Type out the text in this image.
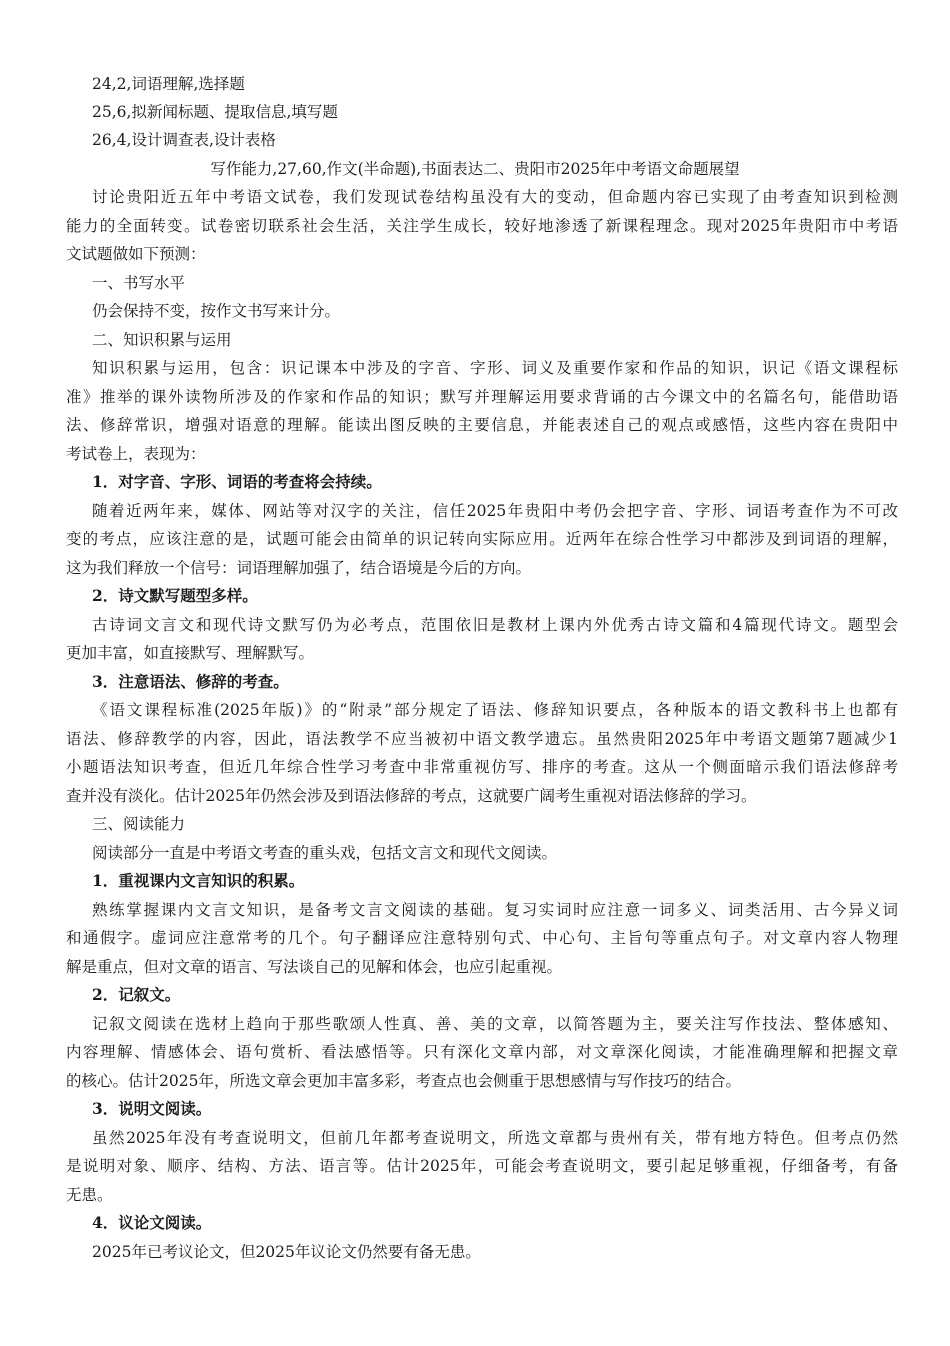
24,2,词语理解,选择题
25,6,拟新闻标题、提取信息,填写题
26,4,设计调查表,设计表格
写作能力,27,60,作文(半命题),书面表达二、贵阳市2025年中考语文命题展望
讨论贵阳近五年中考语文试卷，我们发现试卷结构虽没有大的变动，但命题内容已实现了由考查知识到检测
能力的全面转变。试卷密切联系社会生活，关注学生成长，较好地渗透了新课程理念。现对2025年贵阳市中考语
文试题做如下预测：
一、书写水平
仍会保持不变，按作文书写来计分。
二、知识积累与运用
知识积累与运用，包含：识记课本中涉及的字音、字形、词义及重要作家和作品的知识，识记《语文课程标
准》推举的课外读物所涉及的作家和作品的知识；默写并理解运用要求背诵的古今课文中的名篇名句，能借助语
法、修辞常识，增强对语意的理解。能读出图反映的主要信息，并能表述自己的观点或感悟，这些内容在贵阳中
考试卷上，表现为：
1．对字音、字形、词语的考查将会持续。
随着近两年来，媒体、网站等对汉字的关注，信任2025年贵阳中考仍会把字音、字形、词语考查作为不可改
变的考点，应该注意的是，试题可能会由简单的识记转向实际应用。近两年在综合性学习中都涉及到词语的理解，
这为我们释放一个信号：词语理解加强了，结合语境是今后的方向。
2．诗文默写题型多样。
古诗词文言文和现代诗文默写仍为必考点，范围依旧是教材上课内外优秀古诗文篇和4篇现代诗文。题型会
更加丰富，如直接默写、理解默写。
3．注意语法、修辞的考查。
《语文课程标准(2025年版)》的“附录”部分规定了语法、修辞知识要点，各种版本的语文教科书上也都有
语法、修辞教学的内容，因此，语法教学不应当被初中语文教学遗忘。虽然贵阳2025年中考语文题第7题减少1
小题语法知识考查，但近几年综合性学习考查中非常重视仿写、排序的考查。这从一个侧面暗示我们语法修辞考
查并没有淡化。估计2025年仍然会涉及到语法修辞的考点，这就要广阔考生重视对语法修辞的学习。
三、阅读能力
阅读部分一直是中考语文考查的重头戏，包括文言文和现代文阅读。
1．重视课内文言知识的积累。
熟练掌握课内文言文知识，是备考文言文阅读的基础。复习实词时应注意一词多义、词类活用、古今异义词
和通假字。虚词应注意常考的几个。句子翻译应注意特别句式、中心句、主旨句等重点句子。对文章内容人物理
解是重点，但对文章的语言、写法谈自己的见解和体会，也应引起重视。
2．记叙文。
记叙文阅读在选材上趋向于那些歌颂人性真、善、美的文章，以简答题为主，要关注写作技法、整体感知、
内容理解、情感体会、语句赏析、看法感悟等。只有深化文章内部，对文章深化阅读，才能准确理解和把握文章
的核心。估计2025年，所选文章会更加丰富多彩，考查点也会侧重于思想感情与写作技巧的结合。
3．说明文阅读。
虽然2025年没有考查说明文，但前几年都考查说明文，所选文章都与贵州有关，带有地方特色。但考点仍然
是说明对象、顺序、结构、方法、语言等。估计2025年，可能会考查说明文，要引起足够重视，仔细备考，有备
无患。
4．议论文阅读。
2025年已考议论文，但2025年议论文仍然要有备无患。
